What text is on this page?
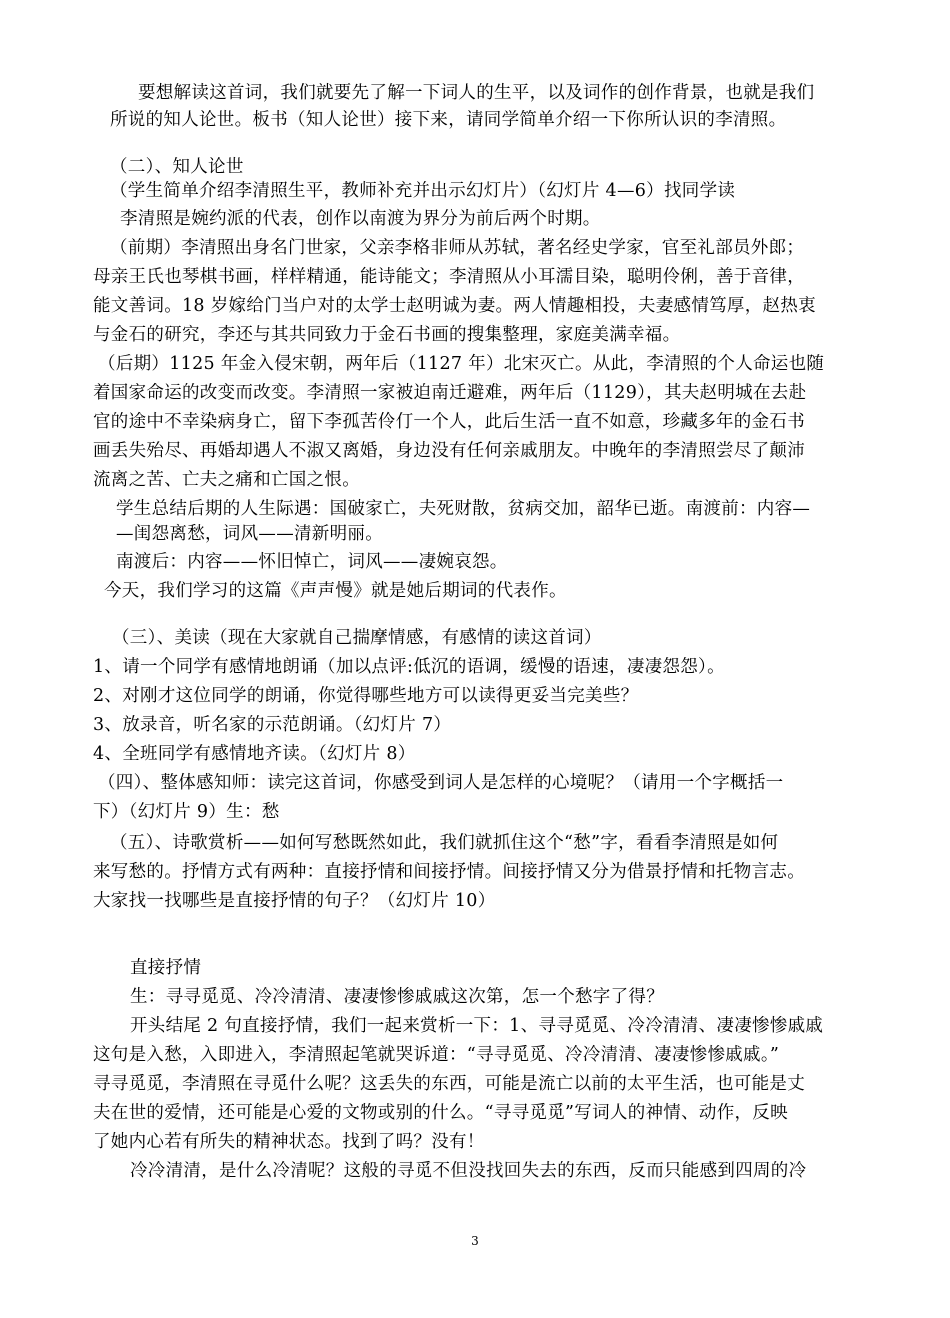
要想解读这首词，我们就要先了解一下词人的生平，以及词作的创作背景，也就是我们
所说的知人论世。板书（知人论世）接下来，请同学简单介绍一下你所认识的李清照。
（二）、知人论世
（学生简单介绍李清照生平，教师补充并出示幻灯片）（幻灯片 4—6）找同学读
李清照是婉约派的代表，创作以南渡为界分为前后两个时期。
（前期）李清照出身名门世家，父亲李格非师从苏轼，著名经史学家，官至礼部员外郎；
母亲王氏也琴棋书画，样样精通，能诗能文；李清照从小耳濡目染，聪明伶俐，善于音律，
能文善词。18 岁嫁给门当户对的太学士赵明诚为妻。两人情趣相投，夫妻感情笃厚，赵热衷
与金石的研究，李还与其共同致力于金石书画的搜集整理，家庭美满幸福。
（后期）1125 年金入侵宋朝，两年后（1127 年）北宋灭亡。从此，李清照的个人命运也随
着国家命运的改变而改变。李清照一家被迫南迁避难，两年后（1129），其夫赵明城在去赴
官的途中不幸染病身亡，留下李孤苦伶仃一个人，此后生活一直不如意，珍藏多年的金石书
画丢失殆尽、再婚却遇人不淑又离婚，身边没有任何亲戚朋友。中晚年的李清照尝尽了颠沛
流离之苦、亡夫之痛和亡国之恨。
学生总结后期的人生际遇：国破家亡，夫死财散，贫病交加，韶华已逝。南渡前：内容—
—闺怨离愁，词风——清新明丽。
南渡后：内容——怀旧悼亡，词风——凄婉哀怨。
今天，我们学习的这篇《声声慢》就是她后期词的代表作。
（三）、美读（现在大家就自己揣摩情感，有感情的读这首词）
1、请一个同学有感情地朗诵（加以点评:低沉的语调，缓慢的语速，凄凄怨怨）。
2、对刚才这位同学的朗诵，你觉得哪些地方可以读得更妥当完美些？
3、放录音，听名家的示范朗诵。（幻灯片 7）
4、全班同学有感情地齐读。（幻灯片 8）
（四）、整体感知师：读完这首词，你感受到词人是怎样的心境呢？（请用一个字概括一
下）（幻灯片 9）生：愁
（五）、诗歌赏析——如何写愁既然如此，我们就抓住这个“愁”字，看看李清照是如何
来写愁的。抒情方式有两种：直接抒情和间接抒情。间接抒情又分为借景抒情和托物言志。
大家找一找哪些是直接抒情的句子？（幻灯片 10）
直接抒情
生：寻寻觅觅、冷冷清清、凄凄惨惨戚戚这次第，怎一个愁字了得？
开头结尾 2 句直接抒情，我们一起来赏析一下：1、寻寻觅觅、冷冷清清、凄凄惨惨戚戚
这句是入愁，入即进入，李清照起笔就哭诉道：“寻寻觅觅、冷冷清清、凄凄惨惨戚戚。”
寻寻觅觅，李清照在寻觅什么呢？这丢失的东西，可能是流亡以前的太平生活，也可能是丈
夫在世的爱情，还可能是心爱的文物或别的什么。“寻寻觅觅”写词人的神情、动作，反映
了她内心若有所失的精神状态。找到了吗？没有！
冷冷清清，是什么冷清呢？这般的寻觅不但没找回失去的东西，反而只能感到四周的冷
3
